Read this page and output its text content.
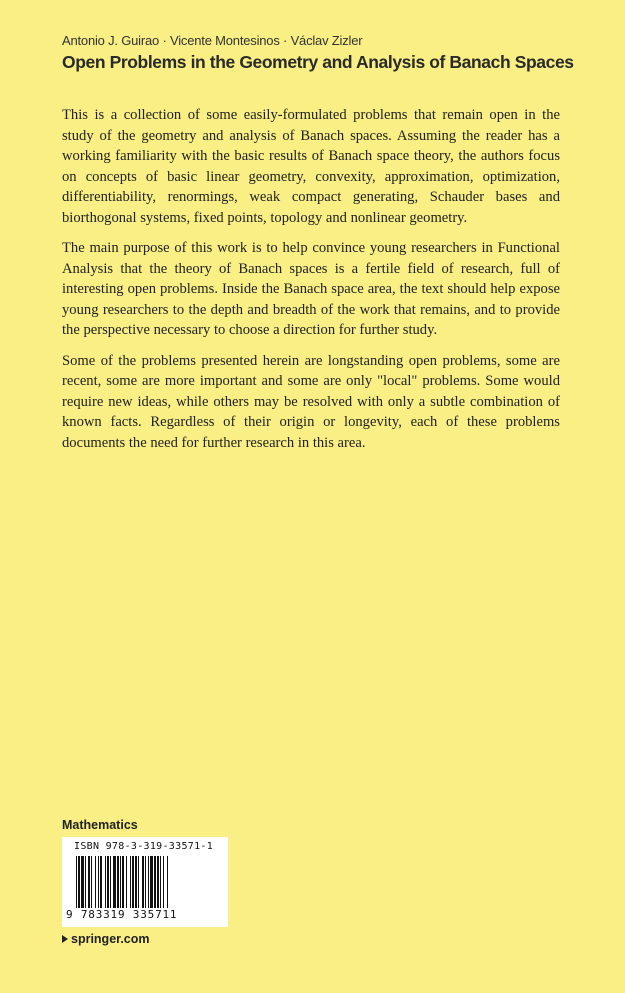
Antonio J. Guirao · Vicente Montesinos · Václav Zizler
Open Problems in the Geometry and Analysis of Banach Spaces

This is a collection of some easily-formulated problems that remain open in the study of the geometry and analysis of Banach spaces. Assuming the reader has a working familiarity with the basic results of Banach space theory, the authors focus on concepts of basic linear geometry, convexity, approximation, optimization, differentiability, renormings, weak compact generating, Schauder bases and biorthogonal systems, fixed points, topology and nonlinear geometry.

The main purpose of this work is to help convince young researchers in Functional Analysis that the theory of Banach spaces is a fertile field of research, full of interesting open problems. Inside the Banach space area, the text should help expose young researchers to the depth and breadth of the work that remains, and to provide the perspective necessary to choose a direction for further study.

Some of the problems presented herein are longstanding open problems, some are recent, some are more important and some are only "local" problems. Some would require new ideas, while others may be resolved with only a subtle combination of known facts. Regardless of their origin or longevity, each of these problems documents the need for further research in this area.

Mathematics
ISBN 978-3-319-33571-1
9 783319 335711
springer.com
